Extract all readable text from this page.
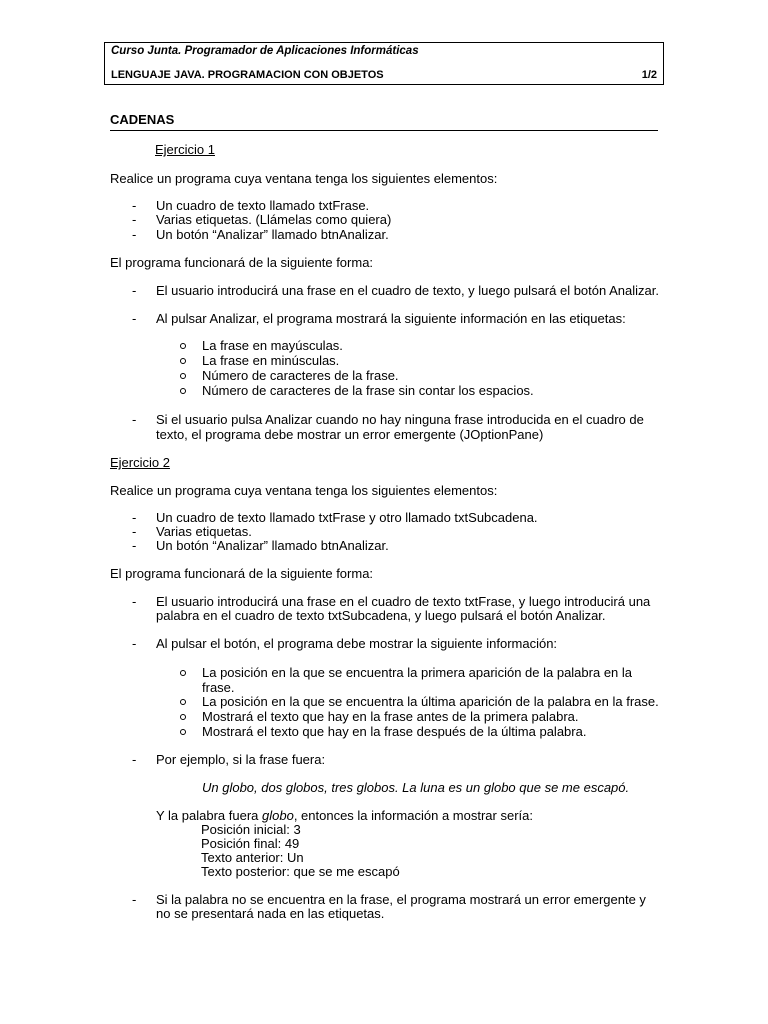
Curso Junta. Programador de Aplicaciones Informáticas
LENGUAJE JAVA. PROGRAMACION CON OBJETOS	1/2
CADENAS
Ejercicio 1
Realice un programa cuya ventana tenga los siguientes elementos:
- Un cuadro de texto llamado txtFrase.
- Varias etiquetas. (Llámelas como quiera)
- Un botón “Analizar” llamado btnAnalizar.
El programa funcionará de la siguiente forma:
- El usuario introducirá una frase en el cuadro de texto, y luego pulsará el botón Analizar.
- Al pulsar Analizar, el programa mostrará la siguiente información en las etiquetas:
La frase en mayúsculas.
La frase en minúsculas.
Número de caracteres de la frase.
Número de caracteres de la frase sin contar los espacios.
- Si el usuario pulsa Analizar cuando no hay ninguna frase introducida en el cuadro de
texto, el programa debe mostrar un error emergente (JOptionPane)
Ejercicio 2
Realice un programa cuya ventana tenga los siguientes elementos:
- Un cuadro de texto llamado txtFrase y otro llamado txtSubcadena.
- Varias etiquetas.
- Un botón “Analizar” llamado btnAnalizar.
El programa funcionará de la siguiente forma:
- El usuario introducirá una frase en el cuadro de texto txtFrase, y luego introducirá una
palabra en el cuadro de texto txtSubcadena, y luego pulsará el botón Analizar.
- Al pulsar el botón, el programa debe mostrar la siguiente información:
La posición en la que se encuentra la primera aparición de la palabra en la
frase.
La posición en la que se encuentra la última aparición de la palabra en la frase.
Mostrará el texto que hay en la frase antes de la primera palabra.
Mostrará el texto que hay en la frase después de la última palabra.
- Por ejemplo, si la frase fuera:
Un globo, dos globos, tres globos. La luna es un globo que se me escapó.
Y la palabra fuera globo, entonces la información a mostrar sería:
Posición inicial: 3
Posición final: 49
Texto anterior: Un
Texto posterior: que se me escapó
- Si la palabra no se encuentra en la frase, el programa mostrará un error emergente y
no se presentará nada en las etiquetas.
